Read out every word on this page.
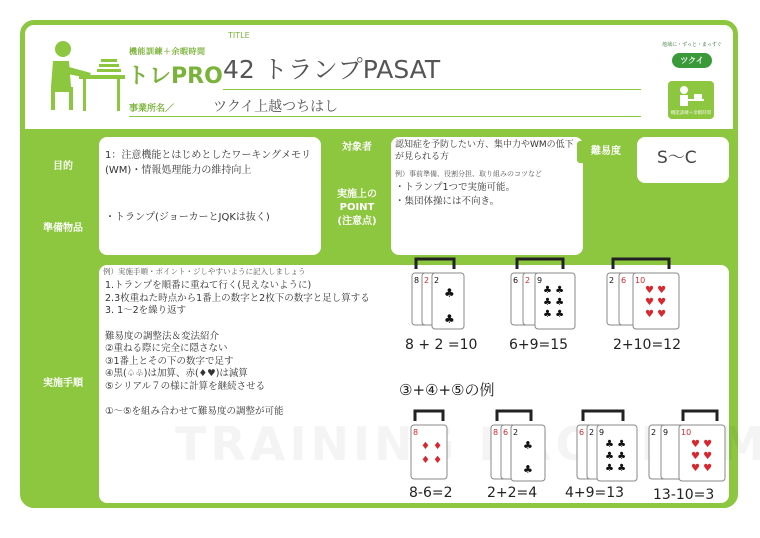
機能訓練＋余暇時間
トレPRO
TITLE
42 トランプPASAT
事業所名／	ツクイ上越つちはし
地域に・ずっと・まっすぐ
ツクイ
機能訓練＋余暇時間
目的
準備物品
実施手順
対象者
実施上の
POINT
(注意点)
難易度
1：注意機能とはじめとしたワーキングメモリ(WM)・情報処理能力の維持向上
・トランプ(ジョーカーとJQKは抜く)
認知症を予防したい方、集中力やWMの低下が見られる方
例）事前準備、役割分担、取り組みのコツなど
・トランプ1つで実施可能。
・集団体操には不向き。
S〜C
例）実施手順・ポイント・ジしやすいように記入しましょう
1.トランプを順番に重ねて行く(見えないように)
2.3枚重ねた時点から1番上の数字と2枚下の数字と足し算する
3. 1〜2を繰り返す

難易度の調整法＆変法紹介
②重ねる際に完全に隠さない
③1番上とその下の数字で足す
④黒(♤♧)は加算、赤(♦♥)は減算
⑤シリアル７の様に計算を継続させる

①〜⑤を組み合わせて難易度の調整が可能
8 2 2
♣
♣
6 2 9
♣ ♣
♣ ♣
♣ ♣
2 6 10
♥ ♥
♥ ♥
♥ ♥
8 + 2 =10 6+9=15	2+10=12
③+④+⑤の例
8
♦ ♦
♦ ♦
8 6 2
♣
♣
6 2 9
♣ ♣
♣ ♣
♣ ♣
2 9 10
♥ ♥
♥ ♥
♥ ♥
8-6=2 2+2=4 4+9=13 13-10=3
